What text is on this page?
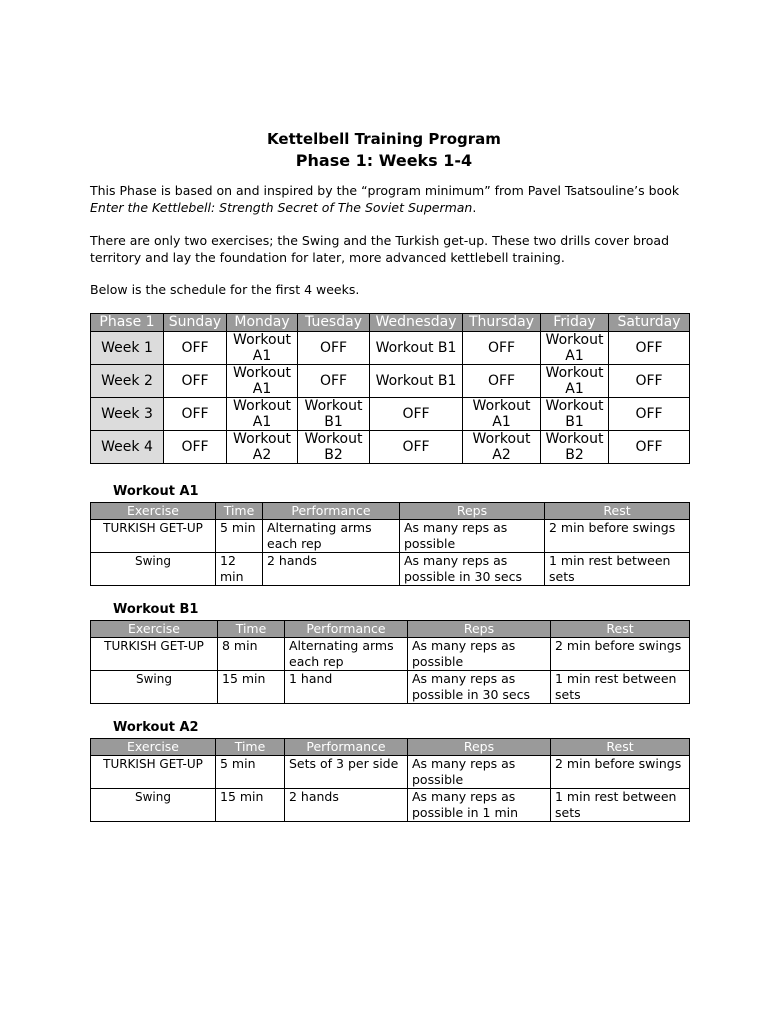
Kettelbell Training Program
Phase 1: Weeks 1-4
This Phase is based on and inspired by the “program minimum” from Pavel Tsatsouline’s book Enter the Kettlebell: Strength Secret of The Soviet Superman.
There are only two exercises; the Swing and the Turkish get-up. These two drills cover broad territory and lay the foundation for later, more advanced kettlebell training.
Below is the schedule for the first 4 weeks.
Phase 1	Sunday	Monday	Tuesday	Wednesday	Thursday	Friday	Saturday
Week 1	OFF	Workout A1	OFF	Workout B1	OFF	Workout A1	OFF
Week 2	OFF	Workout A1	OFF	Workout B1	OFF	Workout A1	OFF
Week 3	OFF	Workout A1	Workout B1	OFF	Workout A1	Workout B1	OFF
Week 4	OFF	Workout A2	Workout B2	OFF	Workout A2	Workout B2	OFF
Workout A1
Exercise	Time	Performance	Reps	Rest
TURKISH GET-UP	5 min	Alternating arms each rep	As many reps as possible	2 min before swings
Swing	12 min	2 hands	As many reps as possible in 30 secs	1 min rest between sets
Workout B1
Exercise	Time	Performance	Reps	Rest
TURKISH GET-UP	8 min	Alternating arms each rep	As many reps as possible	2 min before swings
Swing	15 min	1 hand	As many reps as possible in 30 secs	1 min rest between sets
Workout A2
Exercise	Time	Performance	Reps	Rest
TURKISH GET-UP	5 min	Sets of 3 per side	As many reps as possible	2 min before swings
Swing	15 min	2 hands	As many reps as possible in 1 min	1 min rest between sets
